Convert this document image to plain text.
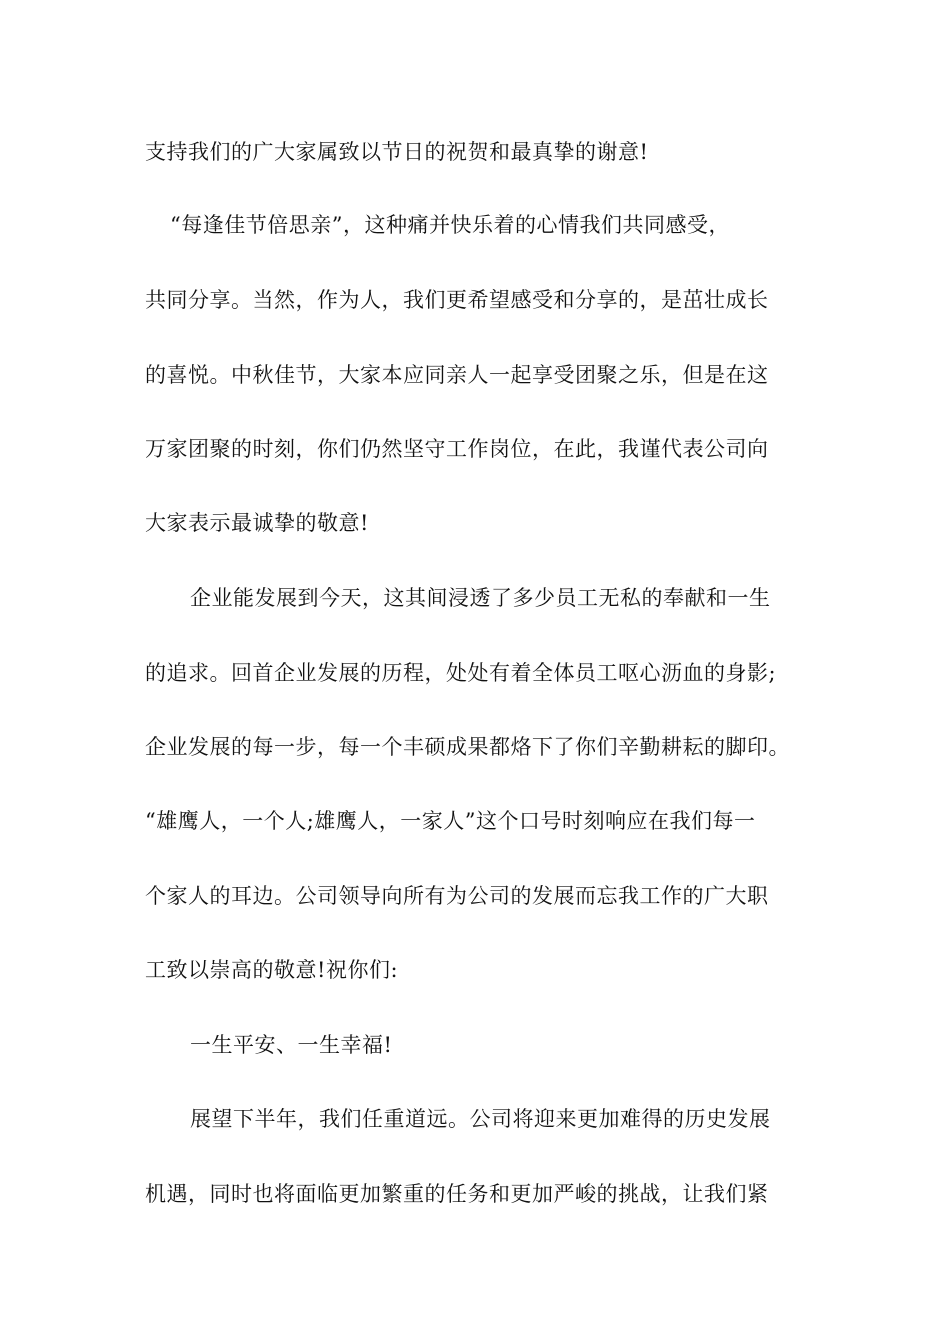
支持我们的广大家属致以节日的祝贺和最真挚的谢意!
“每逢佳节倍思亲”，这种痛并快乐着的心情我们共同感受，
共同分享。当然，作为人，我们更希望感受和分享的，是茁壮成长
的喜悦。中秋佳节，大家本应同亲人一起享受团聚之乐，但是在这
万家团聚的时刻，你们仍然坚守工作岗位，在此，我谨代表公司向
大家表示最诚挚的敬意!
企业能发展到今天，这其间浸透了多少员工无私的奉献和一生
的追求。回首企业发展的历程，处处有着全体员工呕心沥血的身影;
企业发展的每一步，每一个丰硕成果都烙下了你们辛勤耕耘的脚印。
“雄鹰人，一个人;雄鹰人，一家人”这个口号时刻响应在我们每一
个家人的耳边。公司领导向所有为公司的发展而忘我工作的广大职
工致以崇高的敬意!祝你们:
一生平安、一生幸福!
展望下半年，我们任重道远。公司将迎来更加难得的历史发展
机遇，同时也将面临更加繁重的任务和更加严峻的挑战，让我们紧
